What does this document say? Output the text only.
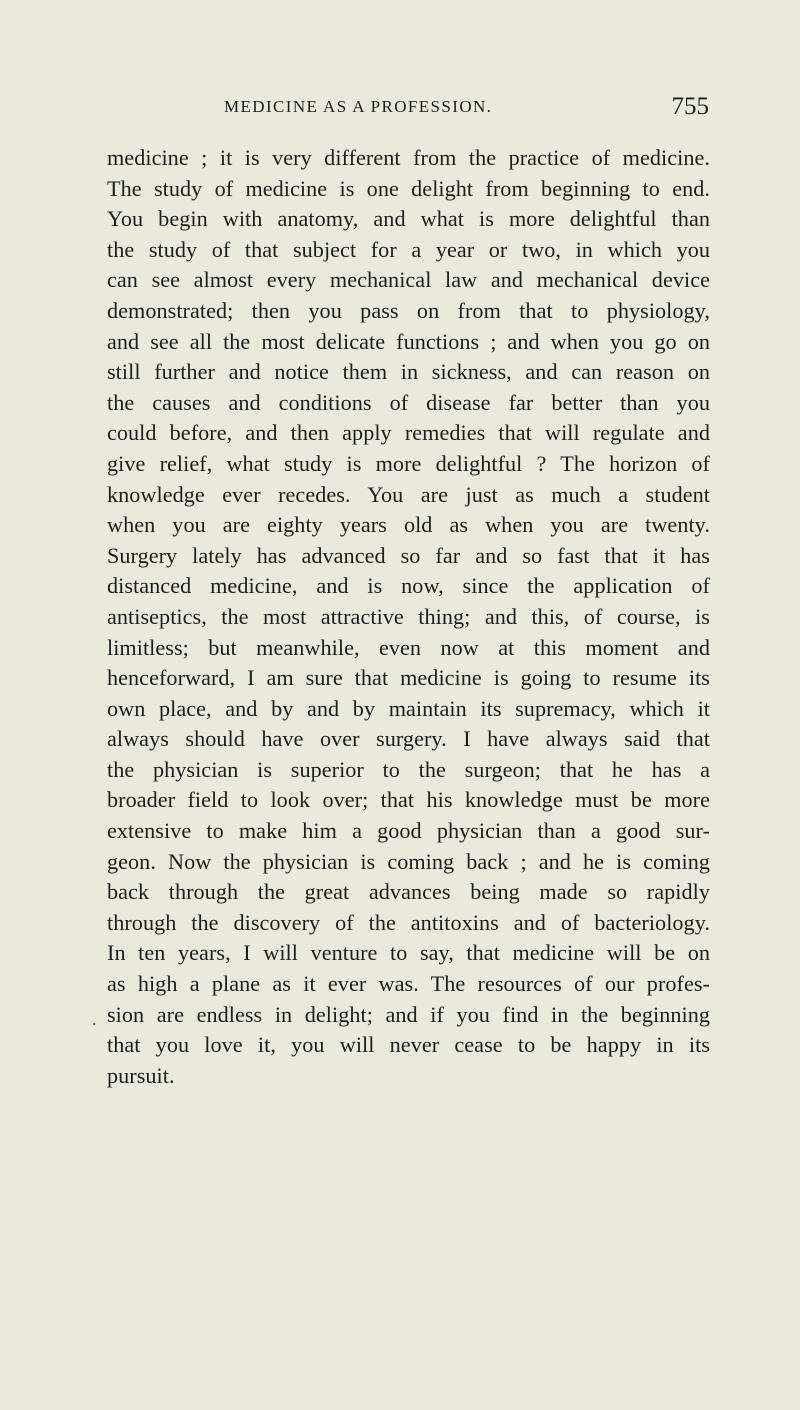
MEDICINE AS A PROFESSION.	755
medicine ; it is very different from the practice of medicine.
The study of medicine is one delight from beginning to end.
You begin with anatomy, and what is more delightful than
the study of that subject for a year or two, in which you
can see almost every mechanical law and mechanical device
demonstrated; then you pass on from that to physiology,
and see all the most delicate functions ; and when you go on
still further and notice them in sickness, and can reason on
the causes and conditions of disease far better than you
could before, and then apply remedies that will regulate and
give relief, what study is more delightful ? The horizon of
knowledge ever recedes. You are just as much a student
when you are eighty years old as when you are twenty.
Surgery lately has advanced so far and so fast that it has
distanced medicine, and is now, since the application of
antiseptics, the most attractive thing; and this, of course, is
limitless; but meanwhile, even now at this moment and
henceforward, I am sure that medicine is going to resume its
own place, and by and by maintain its supremacy, which it
always should have over surgery. I have always said that
the physician is superior to the surgeon; that he has a
broader field to look over; that his knowledge must be more
extensive to make him a good physician than a good sur-
geon. Now the physician is coming back ; and he is coming
back through the great advances being made so rapidly
through the discovery of the antitoxins and of bacteriology.
In ten years, I will venture to say, that medicine will be on
as high a plane as it ever was. The resources of our profes-
sion are endless in delight; and if you find in the beginning
that you love it, you will never cease to be happy in its
pursuit.
.
